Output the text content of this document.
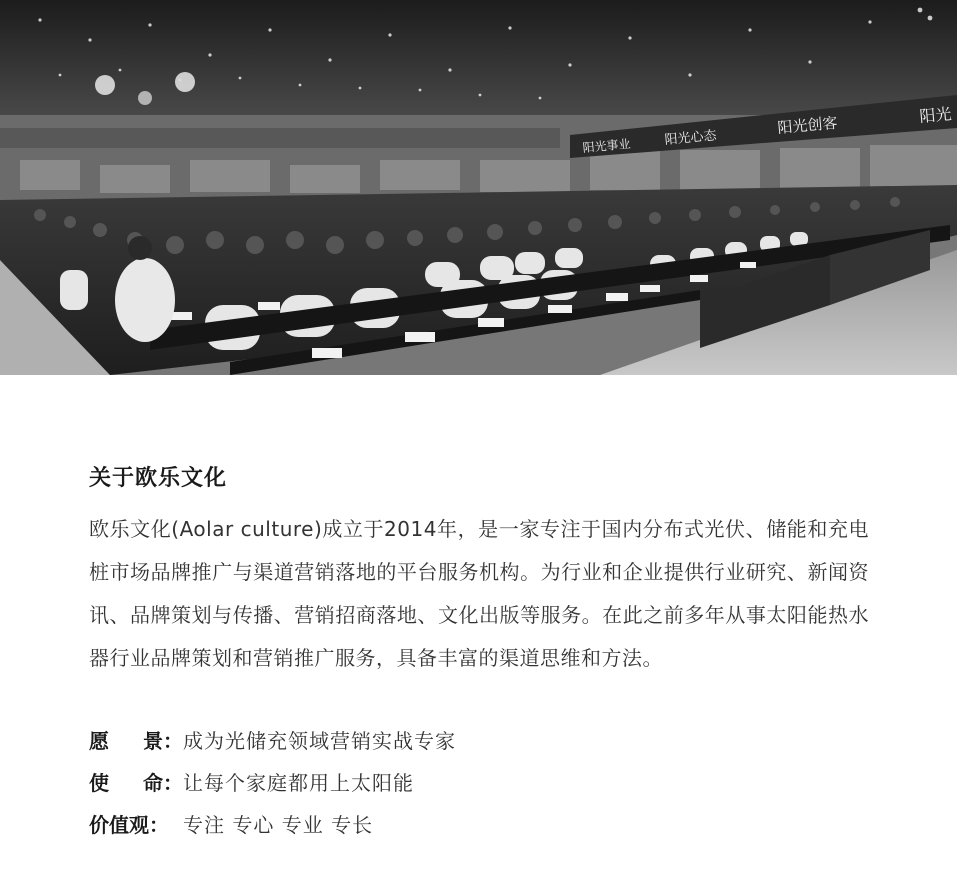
阳光事业	阳光心态
阳光创客	阳光
关于欧乐文化

欧乐文化(Aolar culture)成立于2014年，是一家专注于国内分布式光伏、储能和充电桩市场品牌推广与渠道营销落地的平台服务机构。为行业和企业提供行业研究、新闻资讯、品牌策划与传播、营销招商落地、文化出版等服务。在此之前多年从事太阳能热水器行业品牌策划和营销推广服务，具备丰富的渠道思维和方法。

愿 景： 成为光储充领域营销实战专家
使 命： 让每个家庭都用上太阳能
价值观： 专注 专心 专业 专长
